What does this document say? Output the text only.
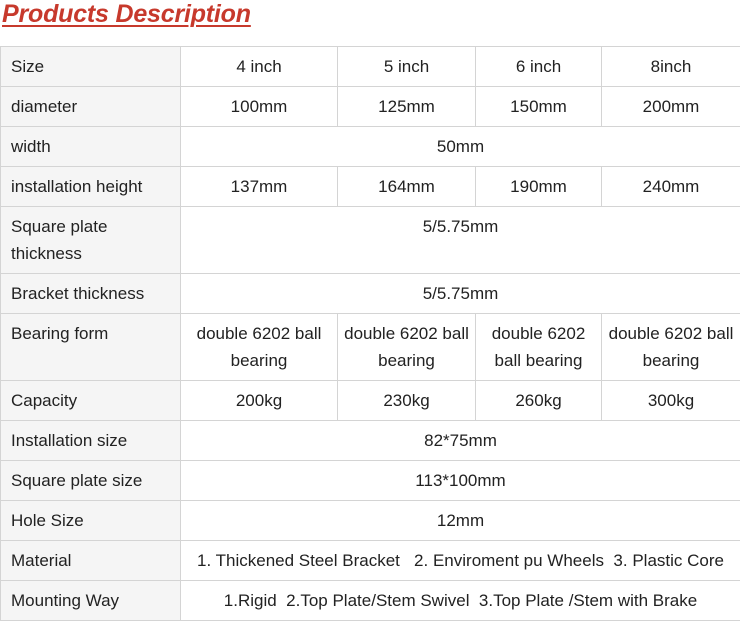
Products Description
Size	4 inch	5 inch	6 inch	8inch
diameter	100mm	125mm	150mm	200mm
width	50mm			
installation height	137mm	164mm	190mm	240mm
Square plate thickness	5/5.75mm			
Bracket thickness	5/5.75mm			
Bearing form	double 6202 ball bearing	double 6202 ball bearing	double 6202 ball bearing	double 6202 ball bearing
Capacity	200kg	230kg	260kg	300kg
Installation size	82*75mm			
Square plate size	113*100mm			
Hole Size	12mm			
Material	1. Thickened Steel Bracket   2. Enviroment pu Wheels  3. Plastic Core			
Mounting Way	1.Rigid  2.Top Plate/Stem Swivel  3.Top Plate /Stem with Brake			
